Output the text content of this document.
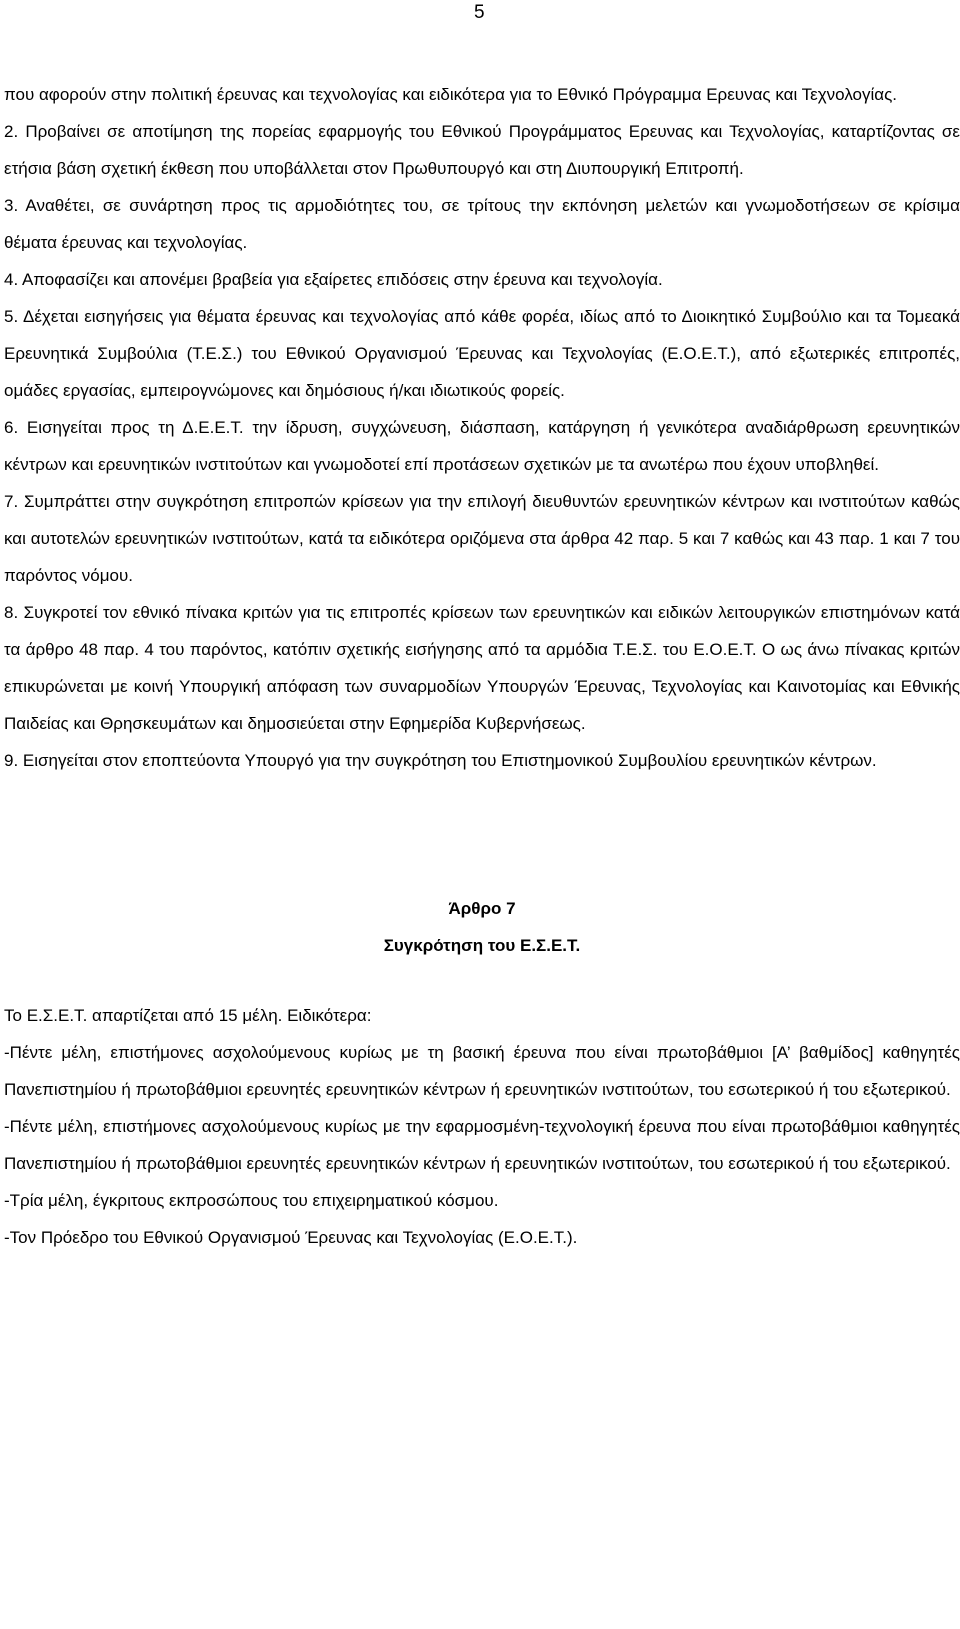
5

που αφορούν στην πολιτική έρευνας και τεχνολογίας και ειδικότερα για το Εθνικό Πρόγραμμα Ερευνας και Τεχνολογίας.

2. Προβαίνει σε αποτίμηση της πορείας εφαρμογής του Εθνικού Προγράμματος Ερευνας και Τεχνολογίας, καταρτίζοντας σε ετήσια βάση σχετική έκθεση που υποβάλλεται στον Πρωθυπουργό και στη Διυπουργική Επιτροπή.

3. Αναθέτει, σε συνάρτηση προς τις αρμοδιότητες του, σε τρίτους την εκπόνηση μελετών και γνωμοδοτήσεων σε κρίσιμα θέματα έρευνας και τεχνολογίας.

4. Αποφασίζει και απονέμει βραβεία για εξαίρετες επιδόσεις στην έρευνα και τεχνολογία.

5. Δέχεται εισηγήσεις για θέματα έρευνας και τεχνολογίας από κάθε φορέα, ιδίως από το Διοικητικό Συμβούλιο και τα Τομεακά Ερευνητικά Συμβούλια (Τ.Ε.Σ.) του Εθνικού Οργανισμού Έρευνας και Τεχνολογίας (Ε.Ο.Ε.Τ.), από εξωτερικές επιτροπές, ομάδες εργασίας, εμπειρογνώμονες και δημόσιους ή/και ιδιωτικούς φορείς.

6. Εισηγείται προς τη Δ.Ε.Ε.Τ. την ίδρυση, συγχώνευση, διάσπαση, κατάργηση ή γενικότερα αναδιάρθρωση ερευνητικών κέντρων και ερευνητικών ινστιτούτων και γνωμοδοτεί επί προτάσεων σχετικών με τα ανωτέρω που έχουν υποβληθεί.

7. Συμπράττει στην συγκρότηση επιτροπών κρίσεων για την επιλογή διευθυντών ερευνητικών κέντρων και ινστιτούτων καθώς και αυτοτελών ερευνητικών ινστιτούτων, κατά τα ειδικότερα οριζόμενα στα άρθρα 42 παρ. 5 και 7 καθώς και 43 παρ. 1 και 7 του παρόντος νόμου.

8. Συγκροτεί τον εθνικό πίνακα κριτών για τις επιτροπές κρίσεων των ερευνητικών και ειδικών λειτουργικών επιστημόνων κατά τα άρθρο 48 παρ. 4 του παρόντος, κατόπιν σχετικής εισήγησης από τα αρμόδια Τ.Ε.Σ. του Ε.Ο.Ε.Τ. Ο ως άνω πίνακας κριτών επικυρώνεται με κοινή Υπουργική απόφαση των συναρμοδίων Υπουργών Έρευνας, Τεχνολογίας και Καινοτομίας και Εθνικής Παιδείας και Θρησκευμάτων και δημοσιεύεται στην Εφημερίδα Κυβερνήσεως.

9. Εισηγείται στον εποπτεύοντα Υπουργό για την συγκρότηση του Επιστημονικού Συμβουλίου ερευνητικών κέντρων.

Άρθρο 7
Συγκρότηση του Ε.Σ.Ε.Τ.

Το Ε.Σ.Ε.Τ. απαρτίζεται από 15 μέλη. Ειδικότερα:

-Πέντε μέλη, επιστήμονες ασχολούμενους κυρίως με τη βασική έρευνα που είναι πρωτοβάθμιοι [Α’ βαθμίδος] καθηγητές Πανεπιστημίου ή πρωτοβάθμιοι ερευνητές ερευνητικών κέντρων ή ερευνητικών ινστιτούτων, του εσωτερικού ή του εξωτερικού.

-Πέντε μέλη, επιστήμονες ασχολούμενους κυρίως με την εφαρμοσμένη-τεχνολογική έρευνα που είναι πρωτοβάθμιοι καθηγητές Πανεπιστημίου ή πρωτοβάθμιοι ερευνητές ερευνητικών κέντρων ή ερευνητικών ινστιτούτων, του εσωτερικού ή του εξωτερικού.

-Τρία μέλη, έγκριτους εκπροσώπους του επιχειρηματικού κόσμου.

-Τον Πρόεδρο του Εθνικού Οργανισμού Έρευνας και Τεχνολογίας (Ε.Ο.Ε.Τ.).
